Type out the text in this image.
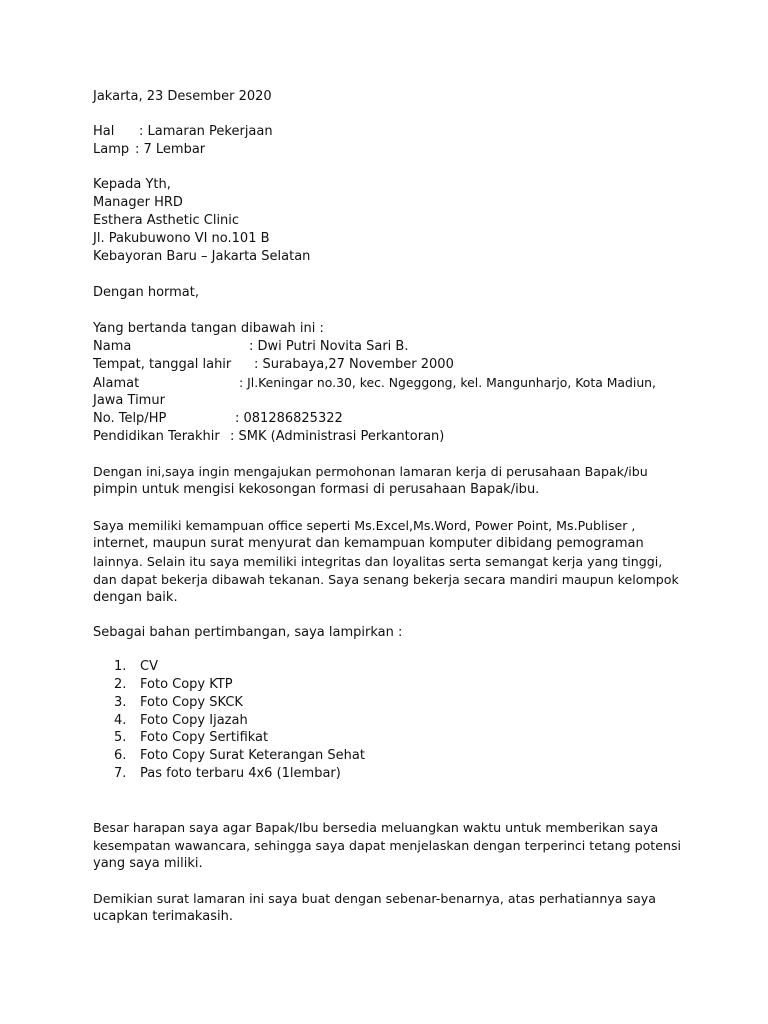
Jakarta, 23 Desember 2020
Hal : Lamaran Pekerjaan
Lamp : 7 Lembar
Kepada Yth,
Manager HRD
Esthera Asthetic Clinic
Jl. Pakubuwono VI no.101 B
Kebayoran Baru – Jakarta Selatan
Dengan hormat,
Yang bertanda tangan dibawah ini :
Nama	: Dwi Putri Novita Sari B.
Tempat, tanggal lahir : Surabaya,27 November 2000
Alamat	: Jl.Keningar no.30, kec. Ngeggong, kel. Mangunharjo, Kota Madiun,
Jawa Timur
No. Telp/HP	: 081286825322
Pendidikan Terakhir : SMK (Administrasi Perkantoran)
Dengan ini,saya ingin mengajukan permohonan lamaran kerja di perusahaan Bapak/ibu
pimpin untuk mengisi kekosongan formasi di perusahaan Bapak/ibu.
Saya memiliki kemampuan office seperti Ms.Excel,Ms.Word, Power Point, Ms.Publiser ,
internet, maupun surat menyurat dan kemampuan komputer dibidang pemograman
lainnya. Selain itu saya memiliki integritas dan loyalitas serta semangat kerja yang tinggi,
dan dapat bekerja dibawah tekanan. Saya senang bekerja secara mandiri maupun kelompok
dengan baik.
Sebagai bahan pertimbangan, saya lampirkan :
1. CV
2. Foto Copy KTP
3. Foto Copy SKCK
4. Foto Copy Ijazah
5. Foto Copy Sertifikat
6. Foto Copy Surat Keterangan Sehat
7. Pas foto terbaru 4x6 (1lembar)
Besar harapan saya agar Bapak/Ibu bersedia meluangkan waktu untuk memberikan saya
kesempatan wawancara, sehingga saya dapat menjelaskan dengan terperinci tetang potensi
yang saya miliki.
Demikian surat lamaran ini saya buat dengan sebenar-benarnya, atas perhatiannya saya
ucapkan terimakasih.
